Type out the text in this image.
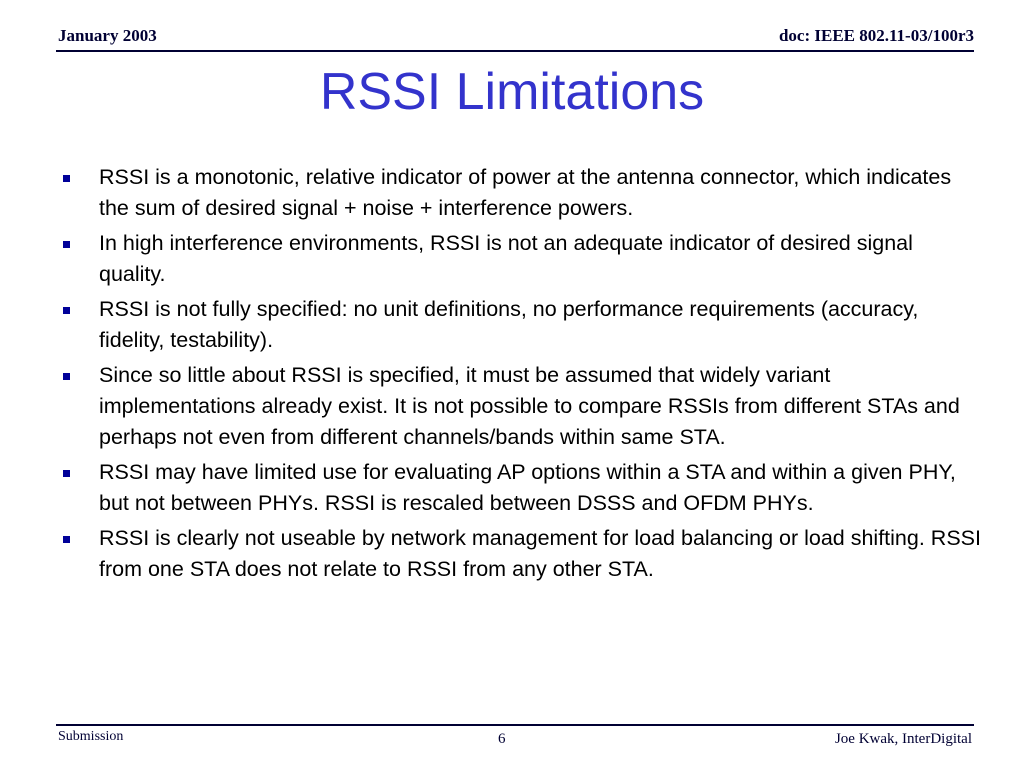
January 2003	doc: IEEE 802.11-03/100r3
RSSI Limitations
RSSI is a monotonic, relative indicator of power at the antenna connector, which indicates the sum of desired signal + noise + interference powers.
In high interference environments, RSSI is not an adequate indicator of desired signal quality.
RSSI is not fully specified: no unit definitions, no performance requirements (accuracy, fidelity, testability).
Since so little about RSSI is specified, it must be assumed that widely variant implementations already exist. It is not possible to compare RSSIs from different STAs and perhaps not even from different channels/bands within same STA.
RSSI may have limited use for evaluating AP options within a STA and within a given PHY, but not between PHYs. RSSI is rescaled between DSSS and OFDM PHYs.
RSSI is clearly not useable by network management for load balancing or load shifting. RSSI from one STA does not relate to RSSI from any other STA.
Submission	6	Joe Kwak, InterDigital
